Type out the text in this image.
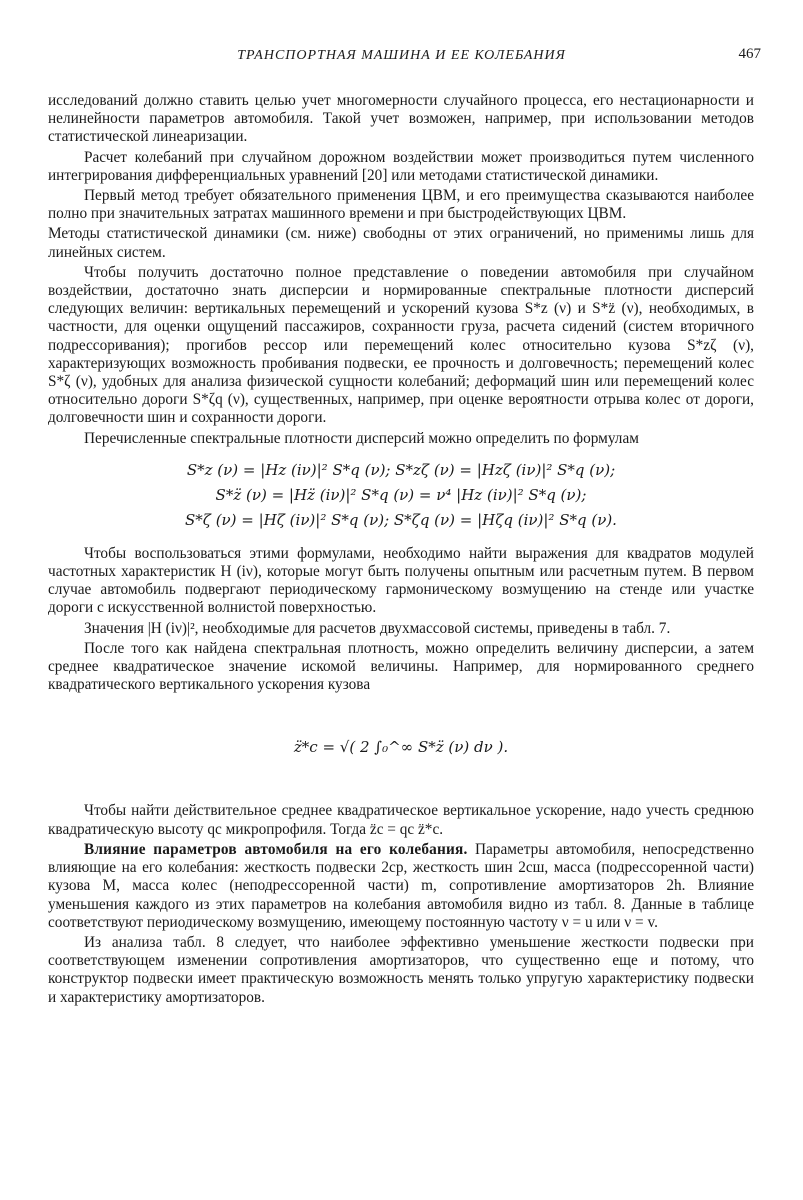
ТРАНСПОРТНАЯ МАШИНА И ЕЕ КОЛЕБАНИЯ	467

исследований должно ставить целью учет многомерности случайного процесса, его нестационарности и нелинейности параметров автомобиля. Такой учет возможен, например, при использовании методов статистической линеаризации.

Расчет колебаний при случайном дорожном воздействии может производиться путем численного интегрирования дифференциальных уравнений [20] или методами статистической динамики.

Первый метод требует обязательного применения ЦВМ, и его преимущества сказываются наиболее полно при значительных затратах машинного времени и при быстродействующих ЦВМ.

Методы статистической динамики (см. ниже) свободны от этих ограничений, но применимы лишь для линейных систем.

Чтобы получить достаточно полное представление о поведении автомобиля при случайном воздействии, достаточно знать дисперсии и нормированные спектральные плотности дисперсий следующих величин: вертикальных перемещений и ускорений кузова S*z (ν) и S*z̈ (ν), необходимых, в частности, для оценки ощущений пассажиров, сохранности груза, расчета сидений (систем вторичного подрессоривания); прогибов рессор или перемещений колес относительно кузова S*zζ (ν), характеризующих возможность пробивания подвески, ее прочность и долговечность; перемещений колес S*ζ (ν), удобных для анализа физической сущности колебаний; деформаций шин или перемещений колес относительно дороги S*ζq (ν), существенных, например, при оценке вероятности отрыва колес от дороги, долговечности шин и сохранности дороги.

Перечисленные спектральные плотности дисперсий можно определить по формулам

S*z (ν) = |Hz (iν)|² S*q (ν); S*zζ (ν) = |Hzζ (iν)|² S*q (ν);
S*z̈ (ν) = |Hz̈ (iν)|² S*q (ν) = ν⁴ |Hz (iν)|² S*q (ν);
S*ζ (ν) = |Hζ (iν)|² S*q (ν); S*ζq (ν) = |Hζq (iν)|² S*q (ν).

Чтобы воспользоваться этими формулами, необходимо найти выражения для квадратов модулей частотных характеристик H (iν), которые могут быть получены опытным или расчетным путем. В первом случае автомобиль подвергают периодическому гармоническому возмущению на стенде или участке дороги с искусственной волнистой поверхностью.

Значения |H (iν)|², необходимые для расчетов двухмассовой системы, приведены в табл. 7.

После того как найдена спектральная плотность, можно определить величину дисперсии, а затем среднее квадратическое значение искомой величины. Например, для нормированного среднего квадратического вертикального ускорения кузова

z̈*c = √( 2 ∫₀^∞ S*z̈ (ν) dν ).

Чтобы найти действительное среднее квадратическое вертикальное ускорение, надо учесть среднюю квадратическую высоту qc микропрофиля. Тогда z̈c = qc z̈*c.

Влияние параметров автомобиля на его колебания. Параметры автомобиля, непосредственно влияющие на его колебания: жесткость подвески 2cp, жесткость шин 2cш, масса (подрессоренной части) кузова M, масса колес (неподрессоренной части) m, сопротивление амортизаторов 2h. Влияние уменьшения каждого из этих параметров на колебания автомобиля видно из табл. 8. Данные в таблице соответствуют периодическому возмущению, имеющему постоянную частоту ν = u или ν = v.

Из анализа табл. 8 следует, что наиболее эффективно уменьшение жесткости подвески при соответствующем изменении сопротивления амортизаторов, что существенно еще и потому, что конструктор подвески имеет практическую возможность менять только упругую характеристику подвески и характеристику амортизаторов.
